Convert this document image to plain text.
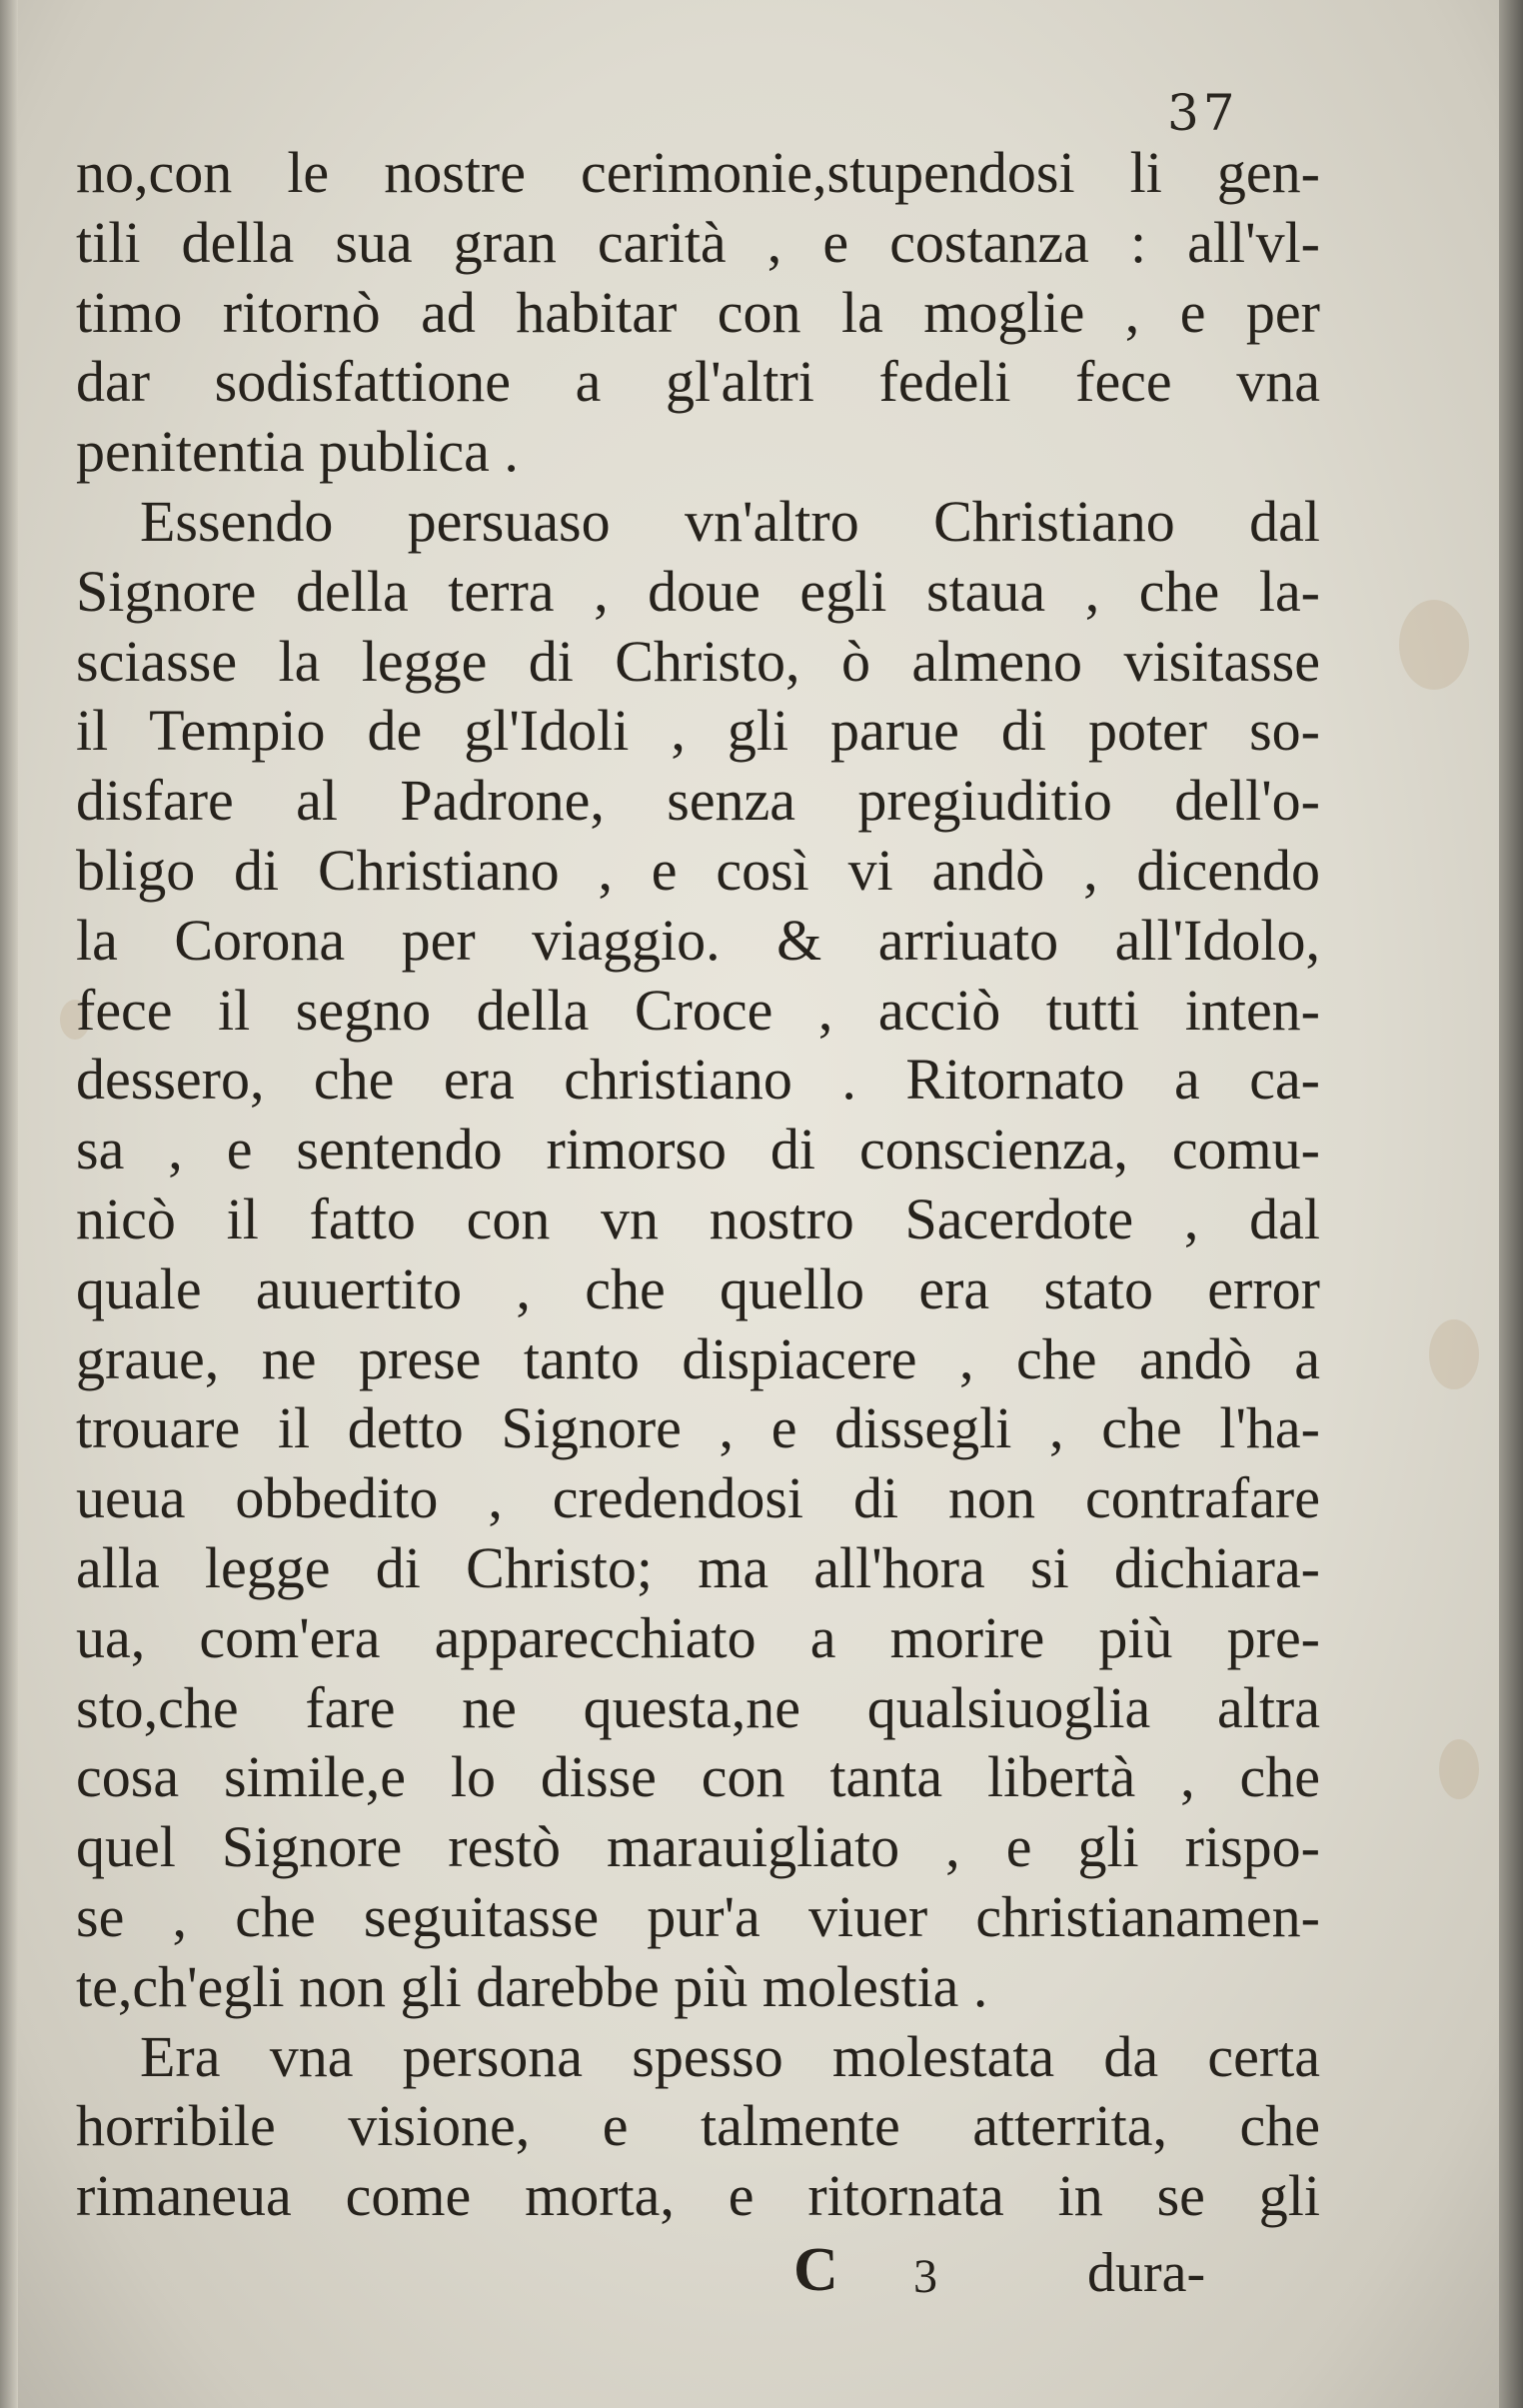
37
no,con le nostre cerimonie,stupendosi li gen-
tili della sua gran carità , e costanza : all'vl-
timo ritornò ad habitar con la moglie , e per
dar sodisfattione a gl'altri fedeli fece vna
penitentia publica .
Essendo persuaso vn'altro Christiano dal
Signore della terra , doue egli staua , che la-
sciasse la legge di Christo, ò almeno visitasse
il Tempio de gl'Idoli , gli parue di poter so-
disfare al Padrone, senza pregiuditio dell'o-
bligo di Christiano , e così vi andò , dicendo
la Corona per viaggio. & arriuato all'Idolo,
fece il segno della Croce , acciò tutti inten-
dessero, che era christiano . Ritornato a ca-
sa , e sentendo rimorso di conscienza, comu-
nicò il fatto con vn nostro Sacerdote , dal
quale auuertito , che quello era stato error
graue, ne prese tanto dispiacere , che andò a
trouare il detto Signore , e dissegli , che l'ha-
ueua obbedito , credendosi di non contrafare
alla legge di Christo; ma all'hora si dichiara-
ua, com'era apparecchiato a morire più pre-
sto,che fare ne questa,ne qualsiuoglia altra
cosa simile,e lo disse con tanta libertà , che
quel Signore restò marauigliato , e gli rispo-
se , che seguitasse pur'a viuer christianamen-
te,ch'egli non gli darebbe più molestia .
Era vna persona spesso molestata da certa
horribile visione, e talmente atterrita, che
rimaneua come morta, e ritornata in se gli
C 3	dura-
